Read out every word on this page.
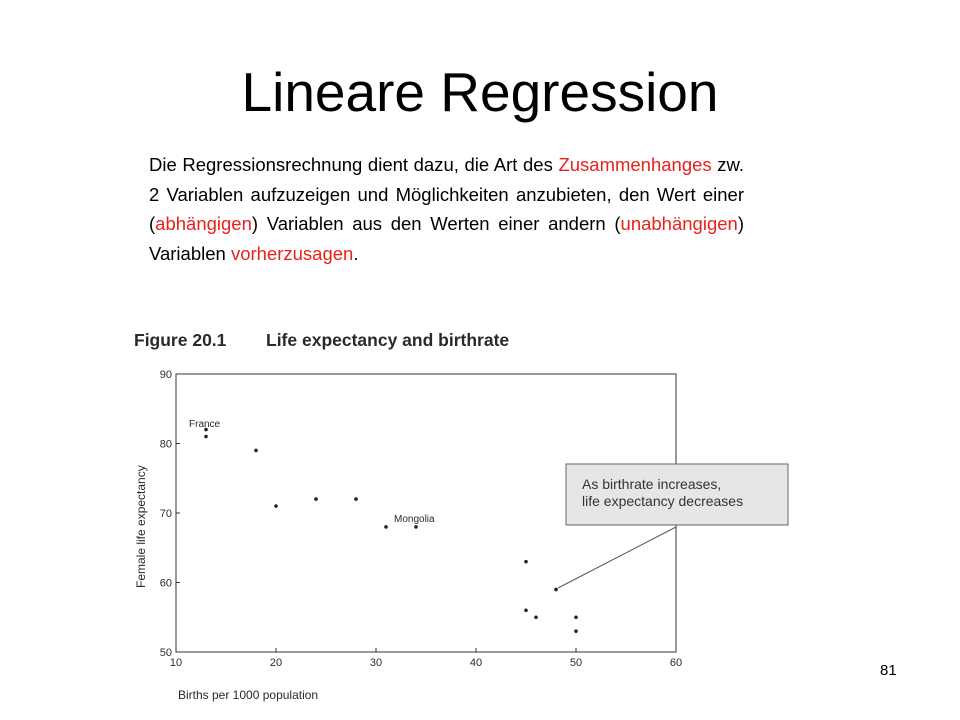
Lineare Regression
Die Regressionsrechnung dient dazu, die Art des Zusammenhanges zw. 2 Variablen aufzuzeigen und Möglichkeiten anzubieten, den Wert einer (abhängigen) Variablen aus den Werten einer andern (unabhängigen) Variablen vorherzusagen.
Figure 20.1 Life expectancy and birthrate
10	20	30	40	50	60
50
60
70
80
90
France
Mongolia
As birthrate increases,
life expectancy decreases
Births per 1000 population
Female life expectancy
81
